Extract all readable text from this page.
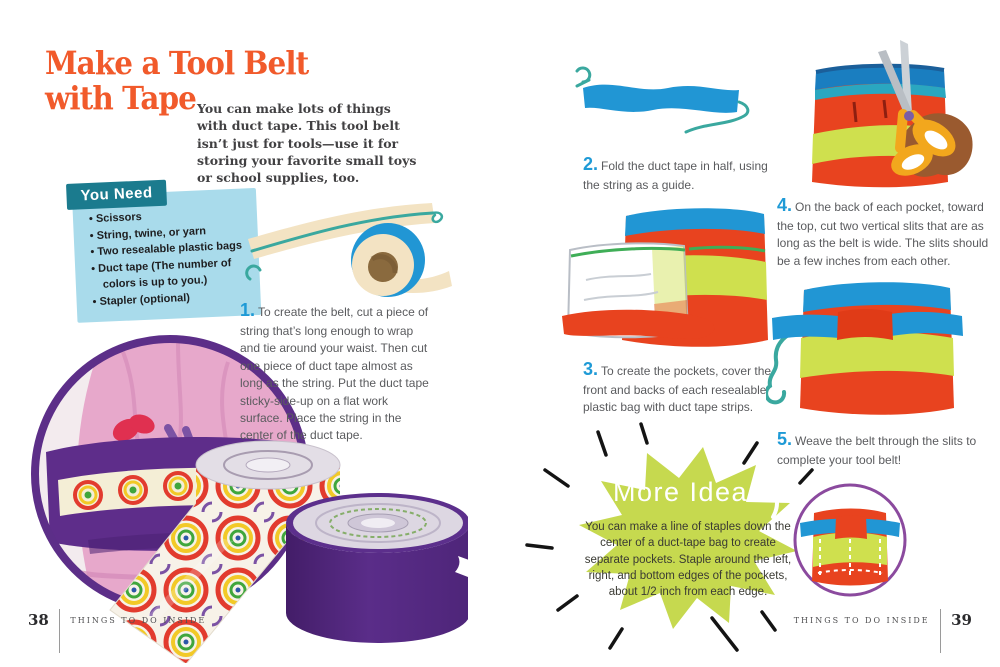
Make a Tool Belt
with Tape You can make lots of things with duct tape. This tool belt isn’t just for tools—use it for storing your favorite small toys or school supplies, too.
• Scissors
• String, twine, or yarn
• Two resealable plastic bags
• Duct tape (The number of colors is up to you.)
• Stapler (optional)
You Need
1. To create the belt, cut a piece of string that’s long enough to wrap and tie around your waist. Then cut one piece of duct tape almost as long as the string. Put the duct tape sticky-side-up on a flat work surface. Place the string in the center of the duct tape.
38	THINGS TO DO INSIDE
2. Fold the duct tape in half, using the string as a guide.
4. On the back of each pocket, toward the top, cut two vertical slits that are as long as the belt is wide. The slits should be a few inches from each other.
3. To create the pockets, cover the front and backs of each resealable plastic bag with duct tape strips.
5. Weave the belt through the slits to complete your tool belt!
More Ideas
You can make a line of staples down the center of a duct-tape bag to create separate pockets. Staple around the left, right, and bottom edges of the pockets, about 1/2 inch from each edge.
THINGS TO DO INSIDE 39
